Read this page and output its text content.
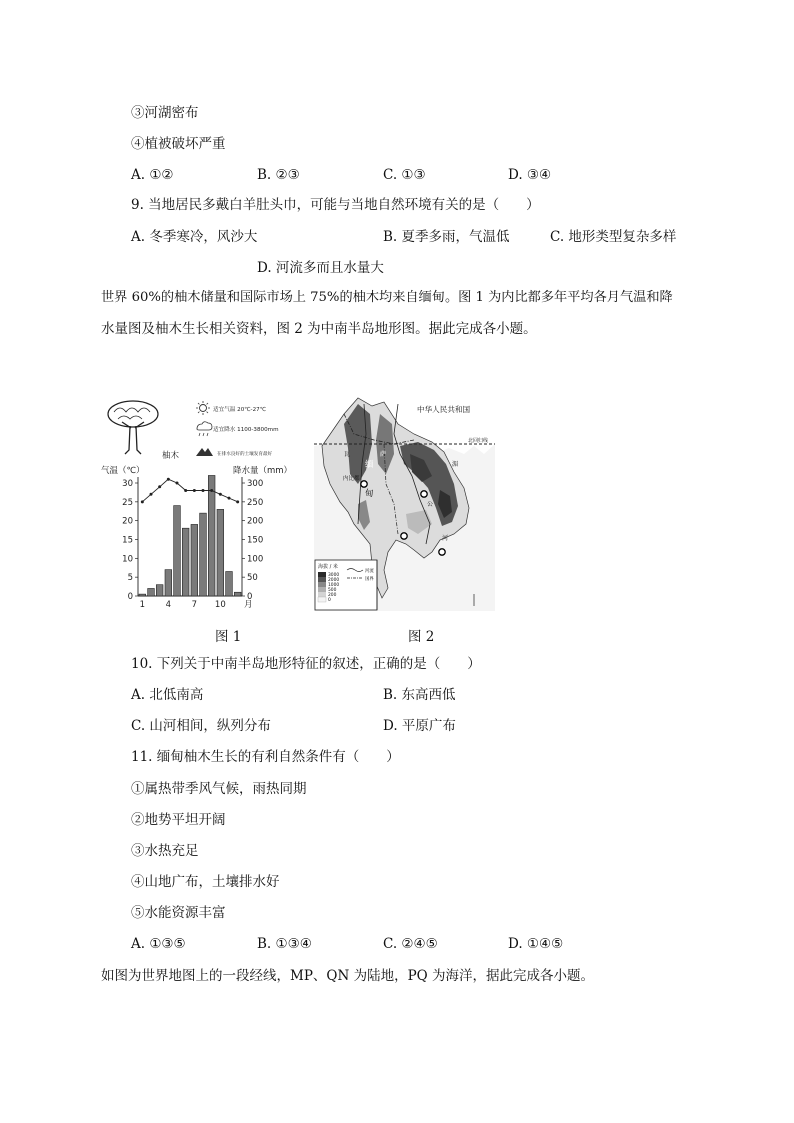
③河湖密布
④植被破坏严重
A. ①②	B. ②③	C. ①③	D. ③④
9. 当地居民多戴白羊肚头巾，可能与当地自然环境有关的是（　　）
A. 冬季寒冷，风沙大	B. 夏季多雨，气温低	C. 地形类型复杂多样
D. 河流多而且水量大
世界 60%的柚木储量和国际市场上 75%的柚木均来自缅甸。图 1 为内比都多年平均各月气温和降
水量图及柚木生长相关资料，图 2 为中南半岛地形图。据此完成各小题。
柚木
适宜气温 20℃-27℃
适宜降水 1100-3800mm
在排水良好的土壤发育最好
气温（℃）	降水量（mm）
0
5
10
15
20
25
30
0
50
100
150
200
250
300
1 4 7 10 月
图 1
中华人民共和国
北回归线
缅
甸
内比都
瓦	萨
湄
公
河
海拔 / 米
3000
2000
1000
500
200
0
河流
国界
图 2
10. 下列关于中南半岛地形特征的叙述，正确的是（　　）
A. 北低南高	B. 东高西低
C. 山河相间，纵列分布	D. 平原广布
11. 缅甸柚木生长的有利自然条件有（　　）
①属热带季风气候，雨热同期
②地势平坦开阔
③水热充足
④山地广布，土壤排水好
⑤水能资源丰富
A. ①③⑤	B. ①③④	C. ②④⑤	D. ①④⑤
如图为世界地图上的一段经线，MP、QN 为陆地，PQ 为海洋，据此完成各小题。
